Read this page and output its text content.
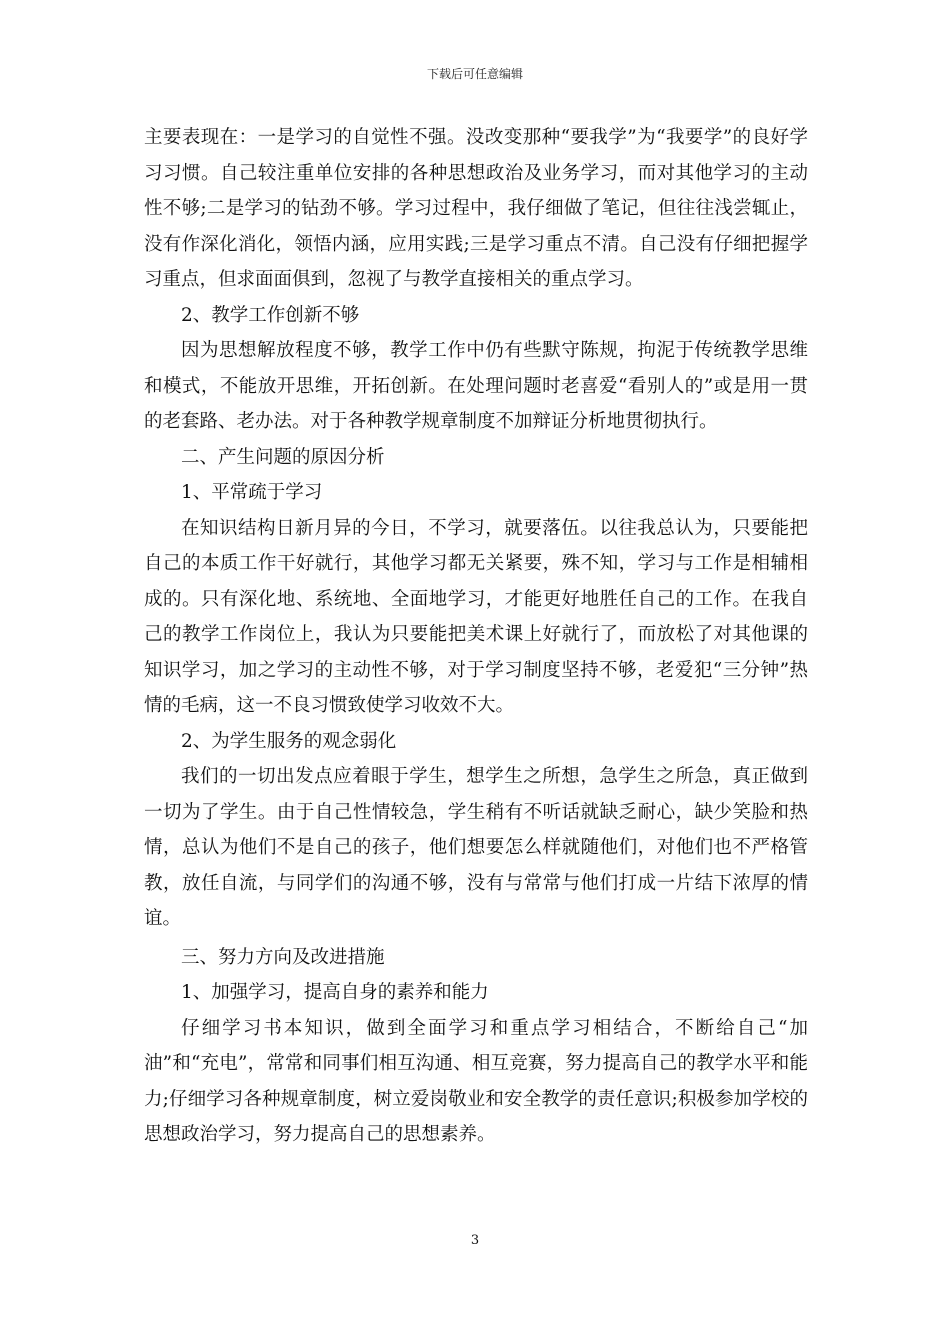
下载后可任意编辑

主要表现在：一是学习的自觉性不强。没改变那种“要我学”为“我要学”的良好学习习惯。自己较注重单位安排的各种思想政治及业务学习，而对其他学习的主动性不够;二是学习的钻劲不够。学习过程中，我仔细做了笔记，但往往浅尝辄止，没有作深化消化，领悟内涵，应用实践;三是学习重点不清。自己没有仔细把握学习重点，但求面面俱到，忽视了与教学直接相关的重点学习。

2、教学工作创新不够

因为思想解放程度不够，教学工作中仍有些默守陈规，拘泥于传统教学思维和模式，不能放开思维，开拓创新。在处理问题时老喜爱“看别人的”或是用一贯的老套路、老办法。对于各种教学规章制度不加辩证分析地贯彻执行。

二、产生问题的原因分析

1、平常疏于学习

在知识结构日新月异的今日，不学习，就要落伍。以往我总认为，只要能把自己的本质工作干好就行，其他学习都无关紧要，殊不知，学习与工作是相辅相成的。只有深化地、系统地、全面地学习，才能更好地胜任自己的工作。在我自己的教学工作岗位上，我认为只要能把美术课上好就行了，而放松了对其他课的知识学习，加之学习的主动性不够，对于学习制度坚持不够，老爱犯“三分钟”热情的毛病，这一不良习惯致使学习收效不大。

2、为学生服务的观念弱化

我们的一切出发点应着眼于学生，想学生之所想，急学生之所急，真正做到一切为了学生。由于自己性情较急，学生稍有不听话就缺乏耐心，缺少笑脸和热情，总认为他们不是自己的孩子，他们想要怎么样就随他们，对他们也不严格管教，放任自流，与同学们的沟通不够，没有与常常与他们打成一片结下浓厚的情谊。

三、努力方向及改进措施

1、加强学习，提高自身的素养和能力

仔细学习书本知识，做到全面学习和重点学习相结合，不断给自己“加油”和“充电”，常常和同事们相互沟通、相互竞赛，努力提高自己的教学水平和能力;仔细学习各种规章制度，树立爱岗敬业和安全教学的责任意识;积极参加学校的思想政治学习，努力提高自己的思想素养。

3
